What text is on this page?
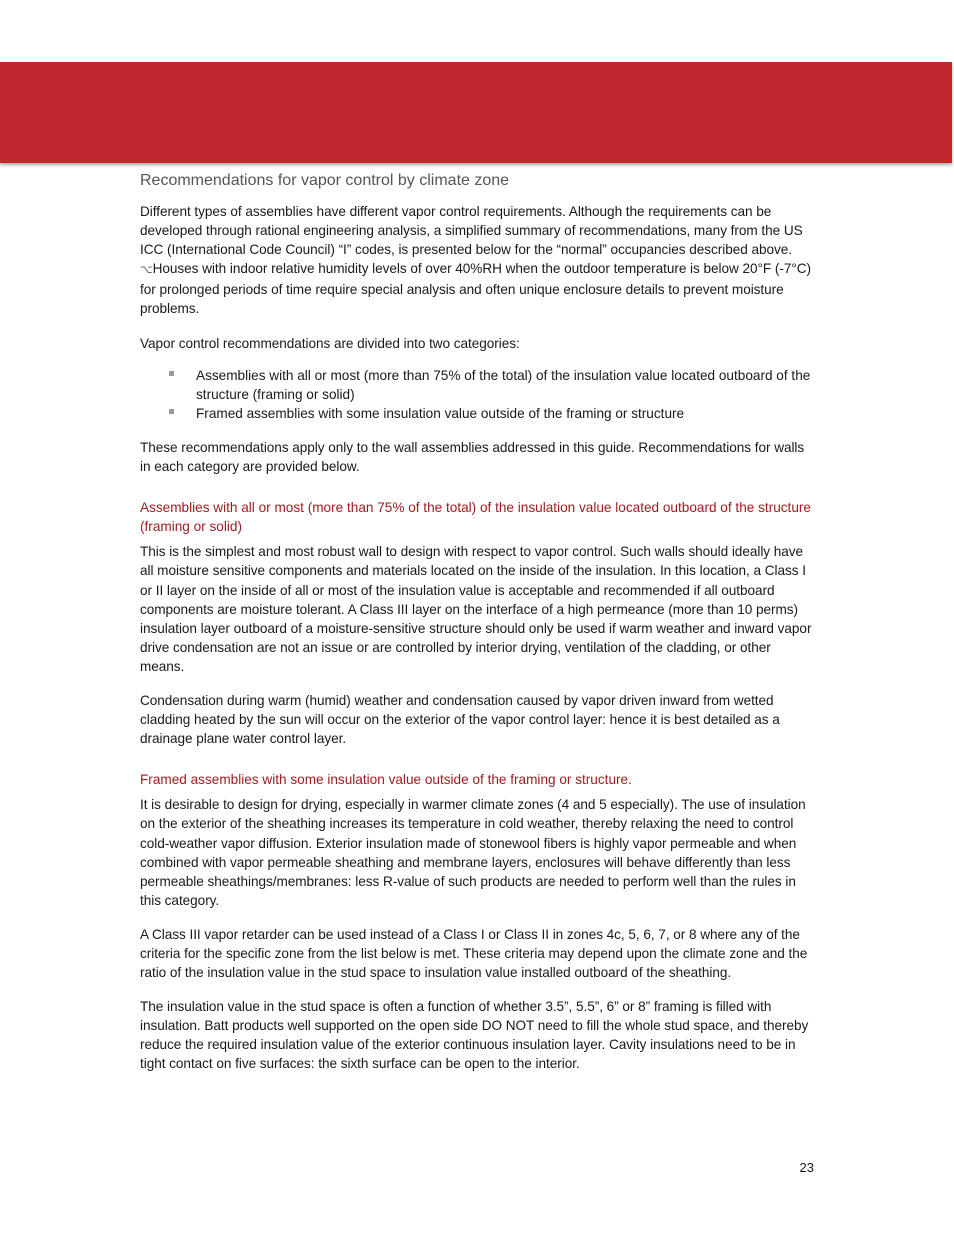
Recommendations for vapor control by climate zone

Different types of assemblies have different vapor control requirements. Although the requirements can be developed through rational engineering analysis, a simplified summary of recommendations, many from the US ICC (International Code Council) “I” codes, is presented below for the “normal” occupancies described above. ⌥Houses with indoor relative humidity levels of over 40%RH when the outdoor temperature is below 20°F (-7°C) for prolonged periods of time require special analysis and often unique enclosure details to prevent moisture problems.

Vapor control recommendations are divided into two categories:

Assemblies with all or most (more than 75% of the total) of the insulation value located outboard of the structure (framing or solid)
Framed assemblies with some insulation value outside of the framing or structure

These recommendations apply only to the wall assemblies addressed in this guide. Recommendations for walls in each category are provided below.

Assemblies with all or most (more than 75% of the total) of the insulation value located outboard of the structure (framing or solid)

This is the simplest and most robust wall to design with respect to vapor control. Such walls should ideally have all moisture sensitive components and materials located on the inside of the insulation. In this location, a Class I or II layer on the inside of all or most of the insulation value is acceptable and recommended if all outboard components are moisture tolerant. A Class III layer on the interface of a high permeance (more than 10 perms) insulation layer outboard of a moisture-sensitive structure should only be used if warm weather and inward vapor drive condensation are not an issue or are controlled by interior drying, ventilation of the cladding, or other means.

Condensation during warm (humid) weather and condensation caused by vapor driven inward from wetted cladding heated by the sun will occur on the exterior of the vapor control layer: hence it is best detailed as a drainage plane water control layer.

Framed assemblies with some insulation value outside of the framing or structure.

It is desirable to design for drying, especially in warmer climate zones (4 and 5 especially). The use of insulation on the exterior of the sheathing increases its temperature in cold weather, thereby relaxing the need to control cold-weather vapor diffusion. Exterior insulation made of stonewool fibers is highly vapor permeable and when combined with vapor permeable sheathing and membrane layers, enclosures will behave differently than less permeable sheathings/membranes: less R-value of such products are needed to perform well than the rules in this category.

A Class III vapor retarder can be used instead of a Class I or Class II in zones 4c, 5, 6, 7, or 8 where any of the criteria for the specific zone from the list below is met. These criteria may depend upon the climate zone and the ratio of the insulation value in the stud space to insulation value installed outboard of the sheathing.

The insulation value in the stud space is often a function of whether 3.5”, 5.5”, 6” or 8” framing is filled with insulation. Batt products well supported on the open side DO NOT need to fill the whole stud space, and thereby reduce the required insulation value of the exterior continuous insulation layer. Cavity insulations need to be in tight contact on five surfaces: the sixth surface can be open to the interior.

23
